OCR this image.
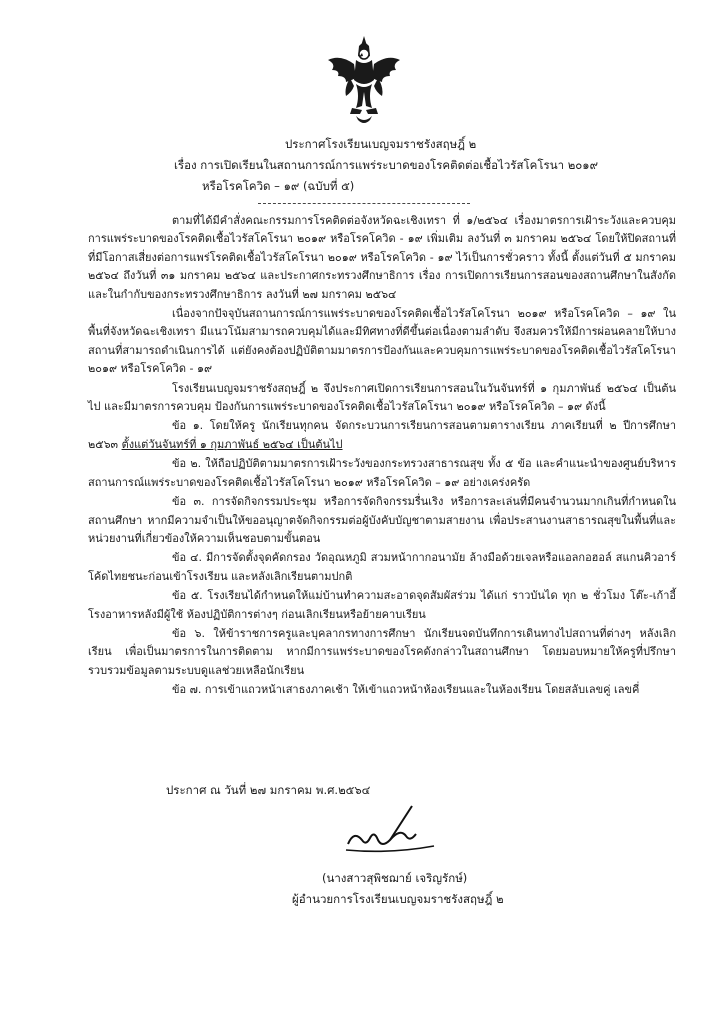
ประกาศโรงเรียนเบญจมราชรังสฤษฎิ์ ๒
เรื่อง การเปิดเรียนในสถานการณ์การแพร่ระบาดของโรคติดต่อเชื้อไวรัสโคโรนา ๒๐๑๙
หรือโรคโควิด – ๑๙ (ฉบับที่ ๕)

ตามที่ได้มีคำสั่งคณะกรรมการโรคติดต่อจังหวัดฉะเชิงเทรา ที่ ๑/๒๕๖๔ เรื่องมาตรการเฝ้าระวังและควบคุมการแพร่ระบาดของโรคติดเชื้อไวรัสโคโรนา ๒๐๑๙ หรือโรคโควิด - ๑๙ เพิ่มเติม ลงวันที่ ๓ มกราคม ๒๕๖๔ โดยให้ปิดสถานที่ที่มีโอกาสเสี่ยงต่อการแพร่โรคติดเชื้อไวรัสโคโรนา ๒๐๑๙ หรือโรคโควิด - ๑๙ ไว้เป็นการชั่วคราว ทั้งนี้ ตั้งแต่วันที่ ๕ มกราคม ๒๕๖๔ ถึงวันที่ ๓๑ มกราคม ๒๕๖๔ และประกาศกระทรวงศึกษาธิการ เรื่อง การเปิดการเรียนการสอนของสถานศึกษาในสังกัดและในกำกับของกระทรวงศึกษาธิการ ลงวันที่ ๒๗ มกราคม ๒๕๖๔

เนื่องจากปัจจุบันสถานการณ์การแพร่ระบาดของโรคติดเชื้อไวรัสโคโรนา ๒๐๑๙ หรือโรคโควิด – ๑๙ ในพื้นที่จังหวัดฉะเชิงเทรา มีแนวโน้มสามารถควบคุมได้และมีทิศทางที่ดีขึ้นต่อเนื่องตามลำดับ จึงสมควรให้มีการผ่อนคลายให้บางสถานที่สามารถดำเนินการได้ แต่ยังคงต้องปฏิบัติตามมาตรการป้องกันและควบคุมการแพร่ระบาดของโรคติดเชื้อไวรัสโคโรนา ๒๐๑๙ หรือโรคโควิด - ๑๙

โรงเรียนเบญจมราชรังสฤษฎิ์ ๒ จึงประกาศเปิดการเรียนการสอนในวันจันทร์ที่ ๑ กุมภาพันธ์ ๒๕๖๔ เป็นต้นไป และมีมาตรการควบคุม ป้องกันการแพร่ระบาดของโรคติดเชื้อไวรัสโคโรนา ๒๐๑๙ หรือโรคโควิด – ๑๙ ดังนี้

ข้อ ๑. โดยให้ครู นักเรียนทุกคน จัดกระบวนการเรียนการสอนตามตารางเรียน ภาคเรียนที่ ๒ ปีการศึกษา ๒๕๖๓ ตั้งแต่วันจันทร์ที่ ๑ กุมภาพันธ์ ๒๕๖๔ เป็นต้นไป

ข้อ ๒. ให้ถือปฏิบัติตามมาตรการเฝ้าระวังของกระทรวงสาธารณสุข ทั้ง ๕ ข้อ และคำแนะนำของศูนย์บริหารสถานการณ์แพร่ระบาดของโรคติดเชื้อไวรัสโคโรนา ๒๐๑๙ หรือโรคโควิด – ๑๙ อย่างเคร่งครัด

ข้อ ๓. การจัดกิจกรรมประชุม หรือการจัดกิจกรรมรื่นเริง หรือการละเล่นที่มีคนจำนวนมากเกินที่กำหนดในสถานศึกษา หากมีความจำเป็นให้ขออนุญาตจัดกิจกรรมต่อผู้บังคับบัญชาตามสายงาน เพื่อประสานงานสาธารณสุขในพื้นที่และหน่วยงานที่เกี่ยวข้องให้ความเห็นชอบตามขั้นตอน

ข้อ ๔. มีการจัดตั้งจุดคัดกรอง วัดอุณหภูมิ สวมหน้ากากอนามัย ล้างมือด้วยเจลหรือแอลกอฮอล์ สแกนคิวอาร์โค้ดไทยชนะก่อนเข้าโรงเรียน และหลังเลิกเรียนตามปกติ

ข้อ ๕. โรงเรียนได้กำหนดให้แม่บ้านทำความสะอาดจุดสัมผัสร่วม ได้แก่ ราวบันได ทุก ๒ ชั่วโมง โต๊ะ-เก้าอี้โรงอาหารหลังมีผู้ใช้ ห้องปฏิบัติการต่างๆ ก่อนเลิกเรียนหรือย้ายคาบเรียน

ข้อ ๖. ให้ข้าราชการครูและบุคลากรทางการศึกษา นักเรียนจดบันทึกการเดินทางไปสถานที่ต่างๆ หลังเลิกเรียน เพื่อเป็นมาตรการในการติดตาม หากมีการแพร่ระบาดของโรคดังกล่าวในสถานศึกษา โดยมอบหมายให้ครูที่ปรึกษารวบรวมข้อมูลตามระบบดูแลช่วยเหลือนักเรียน

ข้อ ๗. การเข้าแถวหน้าเสาธงภาคเช้า ให้เข้าแถวหน้าห้องเรียนและในห้องเรียน โดยสลับเลขคู่ เลขคี่

ประกาศ ณ วันที่ ๒๗ มกราคม พ.ศ.๒๕๖๔
(นางสาวสุพิชฌาย์ เจริญรักษ์)
ผู้อำนวยการโรงเรียนเบญจมราชรังสฤษฎิ์ ๒
